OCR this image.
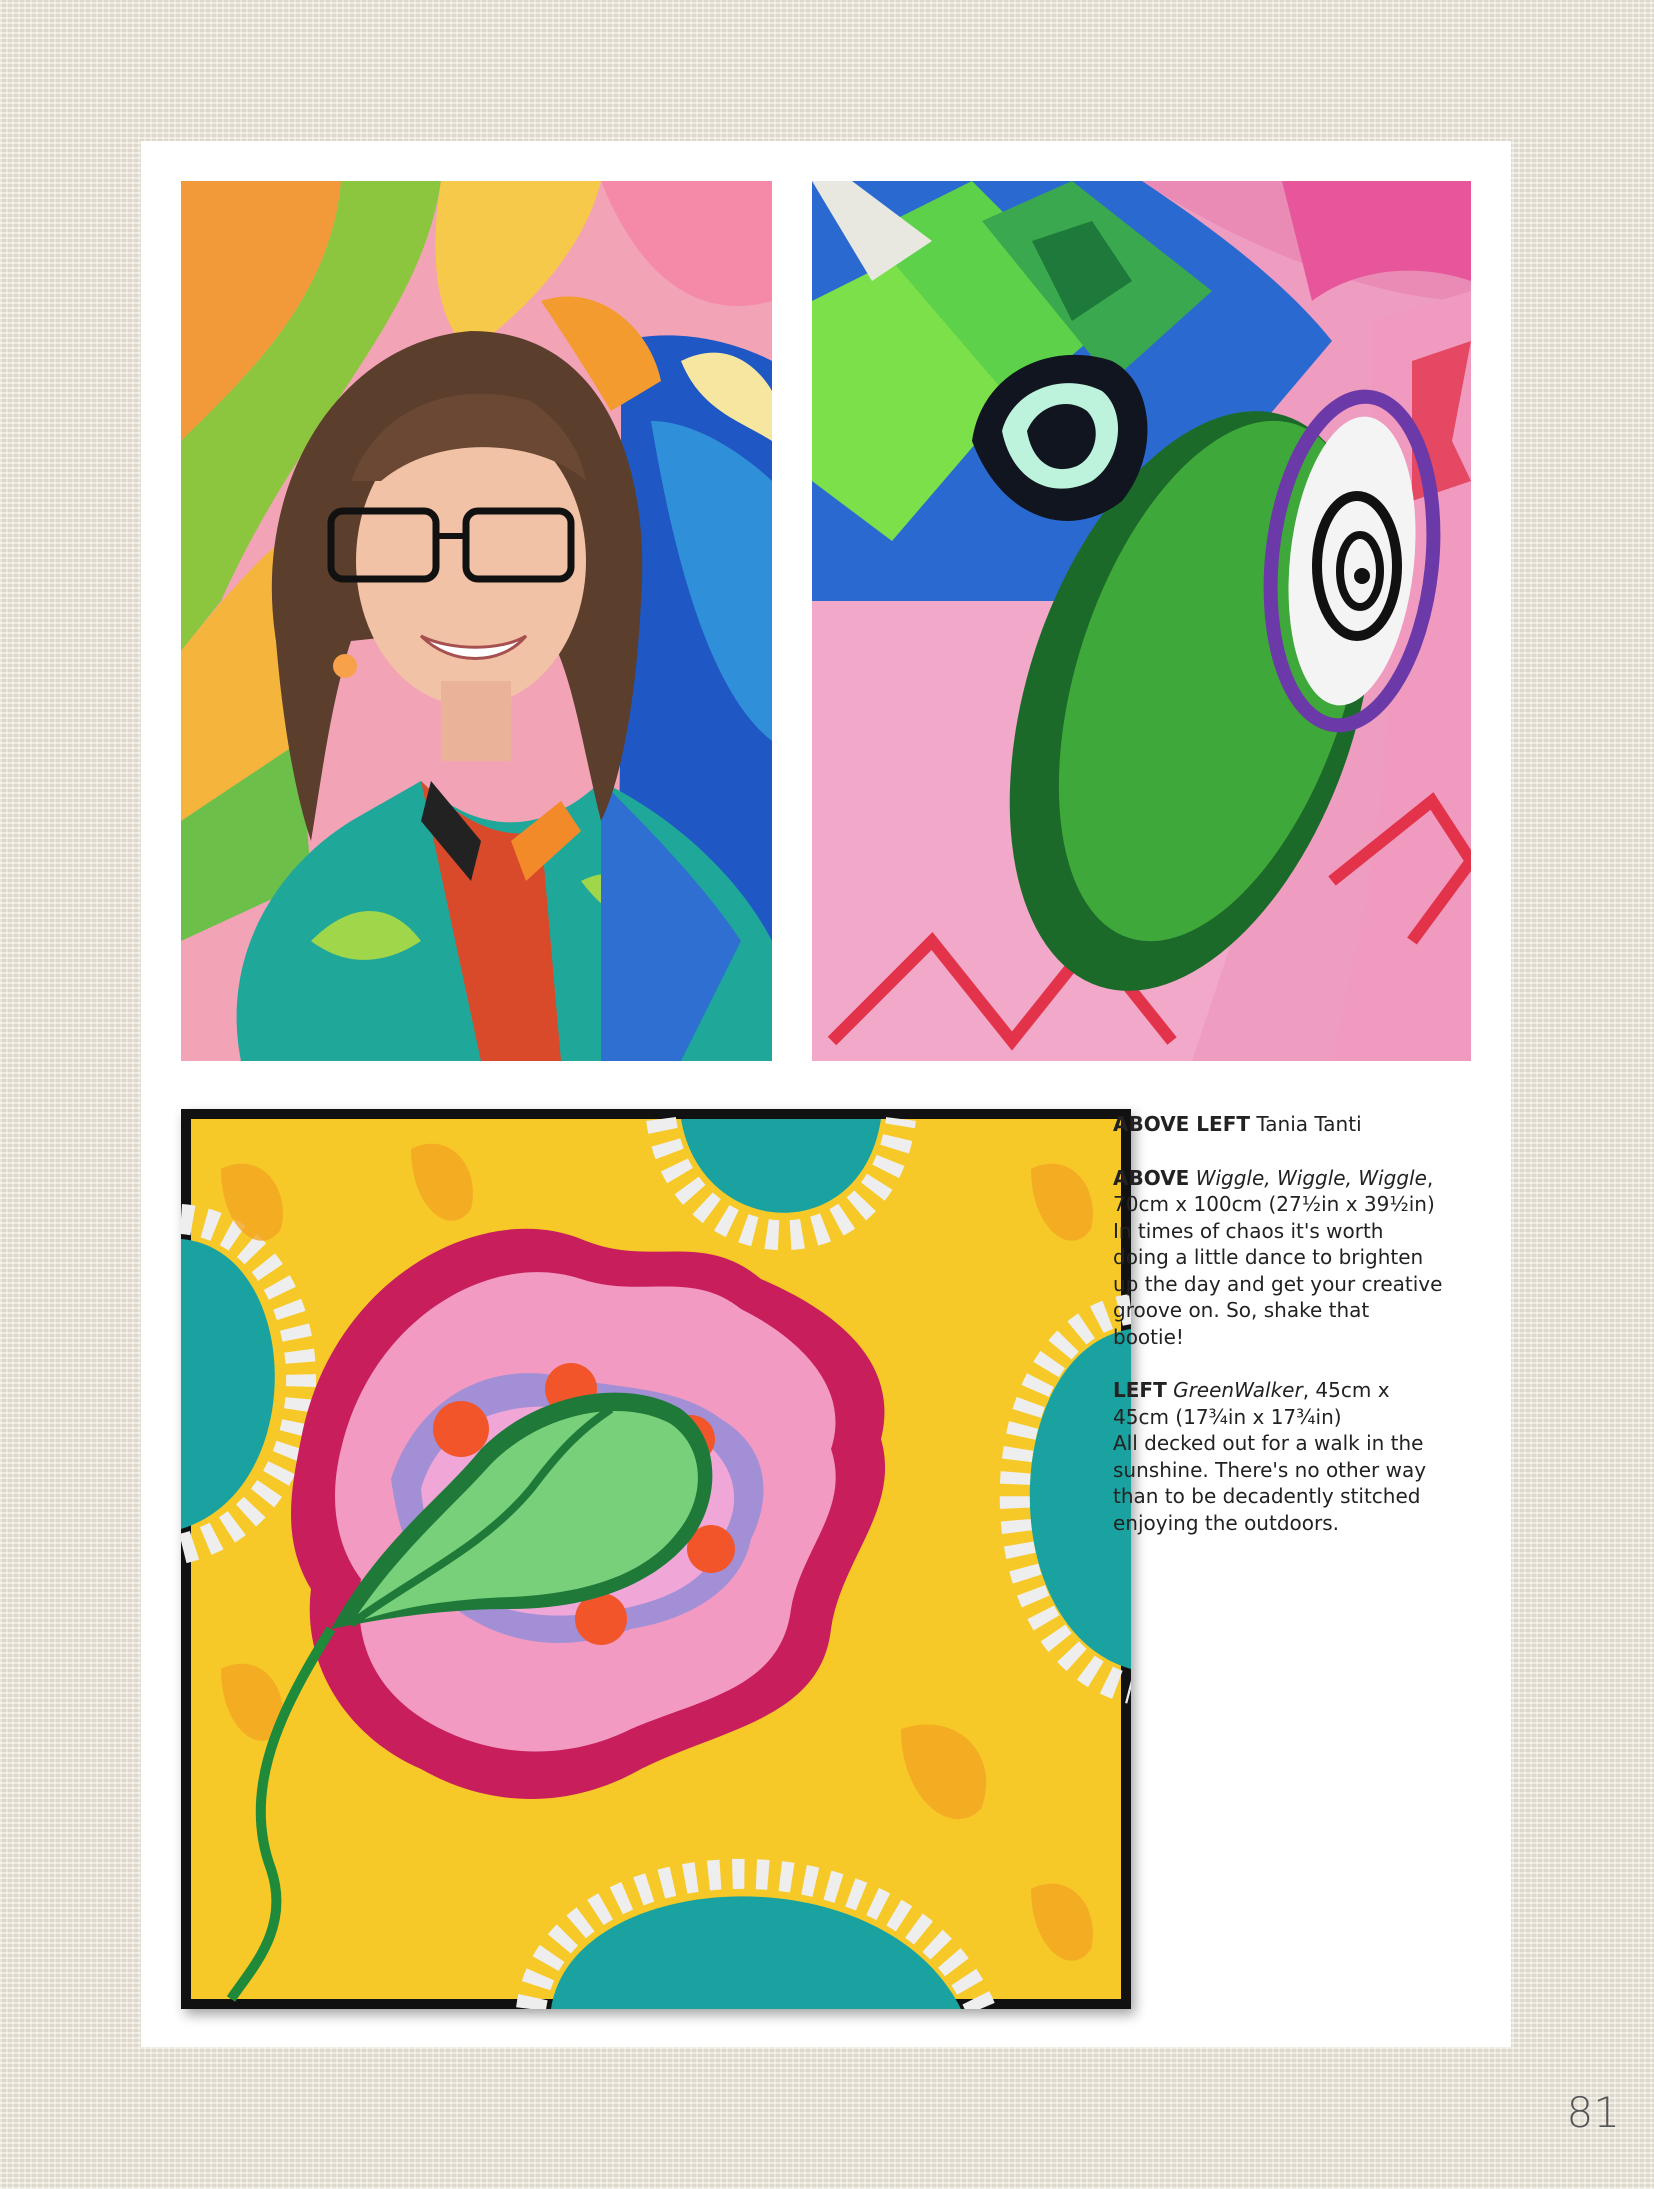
ABOVE LEFT Tania Tanti

ABOVE Wiggle, Wiggle, Wiggle, 70cm x 100cm (27½in x 39½in)
In times of chaos it's worth doing a little dance to brighten up the day and get your creative groove on. So, shake that bootie!

LEFT GreenWalker, 45cm x 45cm (17¾in x 17¾in)
All decked out for a walk in the sunshine. There's no other way than to be decadently stitched enjoying the outdoors.

81
